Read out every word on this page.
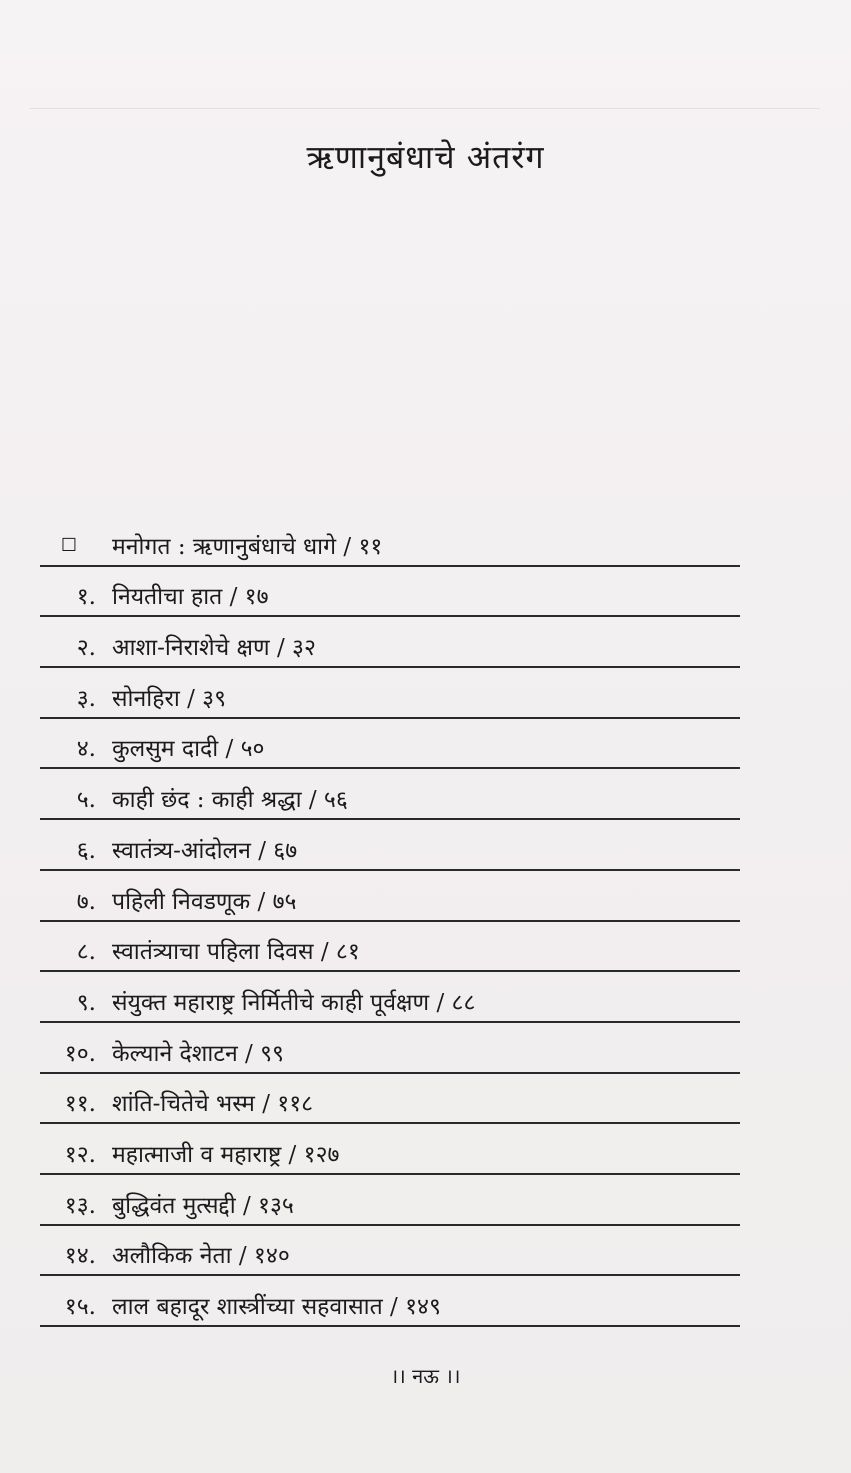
ऋणानुबंधाचे अंतरंग
☐ मनोगत : ऋणानुबंधाचे धागे / ११
१. नियतीचा हात / १७
२. आशा-निराशेचे क्षण / ३२
३. सोनहिरा / ३९
४. कुलसुम दादी / ५०
५. काही छंद : काही श्रद्धा / ५६
६. स्वातंत्र्य-आंदोलन / ६७
७. पहिली निवडणूक / ७५
८. स्वातंत्र्याचा पहिला दिवस / ८१
९. संयुक्त महाराष्ट्र निर्मितीचे काही पूर्वक्षण / ८८
१०. केल्याने देशाटन / ९९
११. शांति-चितेचे भस्म / ११८
१२. महात्माजी व महाराष्ट्र / १२७
१३. बुद्धिवंत मुत्सद्दी / १३५
१४. अलौकिक नेता / १४०
१५. लाल बहादूर शास्त्रींच्या सहवासात / १४९
।। नऊ ।।
